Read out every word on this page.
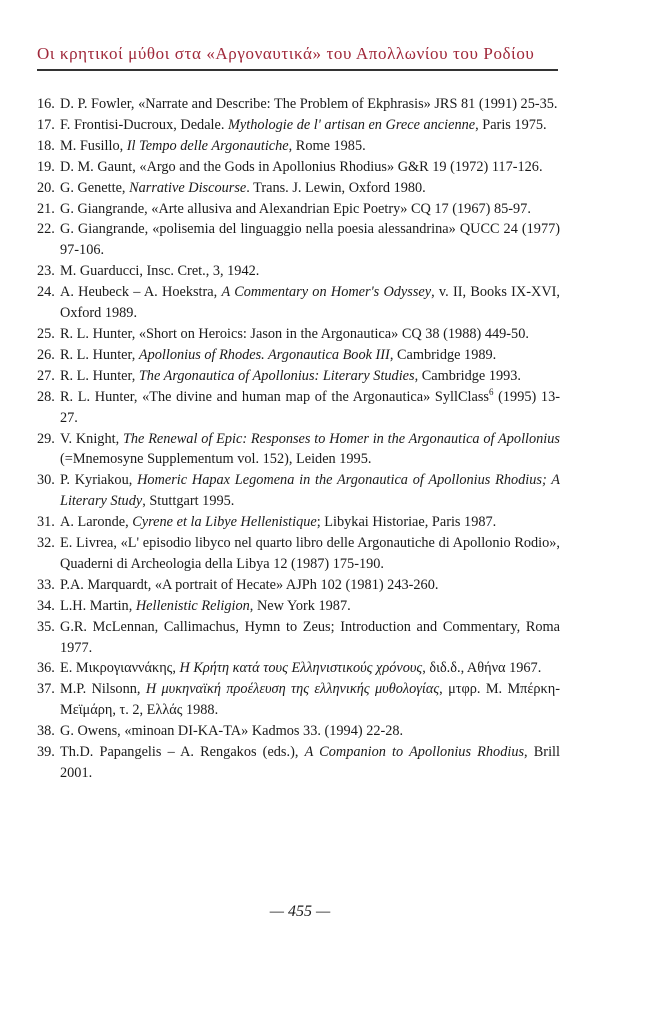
Οι κρητικοί μύθοι στα «Αργοναυτικά» του Απολλωνίου του Ροδίου
16. D. P. Fowler, «Narrate and Describe: The Problem of Ekphrasis» JRS 81 (1991) 25-35.
17. F. Frontisi-Ducroux, Dedale. Mythologie de l' artisan en Grece ancienne, Paris 1975.
18. M. Fusillo, Il Tempo delle Argonautiche, Rome 1985.
19. D. M. Gaunt, «Argo and the Gods in Apollonius Rhodius» G&R 19 (1972) 117-126.
20. G. Genette, Narrative Discourse. Trans. J. Lewin, Oxford 1980.
21. G. Giangrande, «Arte allusiva and Alexandrian Epic Poetry» CQ 17 (1967) 85-97.
22. G. Giangrande, «polisemia del linguaggio nella poesia alessandrina» QUCC 24 (1977) 97-106.
23. M. Guarducci, Insc. Cret., 3, 1942.
24. A. Heubeck – A. Hoekstra, A Commentary on Homer's Odyssey, v. II, Books IX-XVI, Oxford 1989.
25. R. L. Hunter, «Short on Heroics: Jason in the Argonautica» CQ 38 (1988) 449-50.
26. R. L. Hunter, Apollonius of Rhodes. Argonautica Book III, Cambridge 1989.
27. R. L. Hunter, The Argonautica of Apollonius: Literary Studies, Cambridge 1993.
28. R. L. Hunter, «The divine and human map of the Argonautica» SyllClass$^6$ (1995) 13-27.
29. V. Knight, The Renewal of Epic: Responses to Homer in the Argonautica of Apollonius (=Mnemosyne Supplementum vol. 152), Leiden 1995.
30. P. Kyriakou, Homeric Hapax Legomena in the Argonautica of Apollonius Rhodius; A Literary Study, Stuttgart 1995.
31. A. Laronde, Cyrene et la Libye Hellenistique; Libykai Historiae, Paris 1987.
32. E. Livrea, «L' episodio libyco nel quarto libro delle Argonautiche di Apollonio Rodio», Quaderni di Archeologia della Libya 12 (1987) 175-190.
33. P.A. Marquardt, «A portrait of Hecate» AJPh 102 (1981) 243-260.
34. L.H. Martin, Hellenistic Religion, New York 1987.
35. G.R. McLennan, Callimachus, Hymn to Zeus; Introduction and Commentary, Roma 1977.
36. Ε. Μικρογιαννάκης, Η Κρήτη κατά τους Ελληνιστικούς χρόνους, διδ.δ., Αθήνα 1967.
37. M.P. Nilsonn, Η μυκηναϊκή προέλευση της ελληνικής μυθολογίας, μτφρ. Μ. Μπέρκη-Μεϊμάρη, τ. 2, Ελλάς 1988.
38. G. Owens, «minoan DI-KA-TA» Kadmos 33. (1994) 22-28.
39. Th.D. Papangelis – A. Rengakos (eds.), A Companion to Apollonius Rhodius, Brill 2001.
— 455 —
